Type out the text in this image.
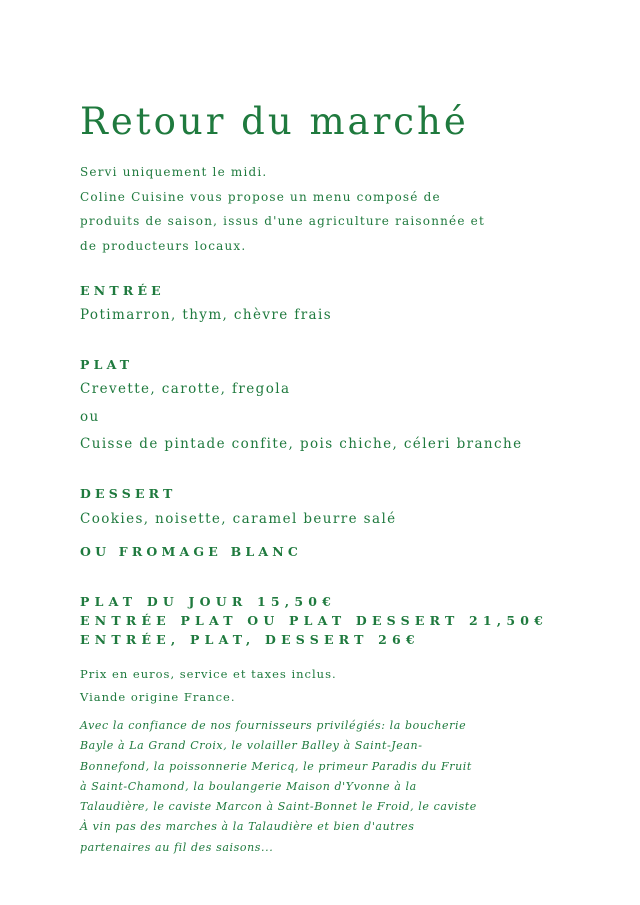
Retour du marché
Servi uniquement le midi.
Coline Cuisine vous propose un menu composé de
produits de saison, issus d'une agriculture raisonnée et
de producteurs locaux.
ENTRÉE
Potimarron, thym, chèvre frais
PLAT
Crevette, carotte, fregola
ou
Cuisse de pintade confite, pois chiche, céleri branche
DESSERT
Cookies, noisette, caramel beurre salé
OU FROMAGE BLANC
PLAT DU JOUR 15,50€
ENTRÉE PLAT OU PLAT DESSERT 21,50€
ENTRÉE, PLAT, DESSERT 26€
Prix en euros, service et taxes inclus.
Viande origine France.
Avec la confiance de nos fournisseurs privilégiés: la boucherie
Bayle à La Grand Croix, le volailler Balley à Saint-Jean-
Bonnefond, la poissonnerie Mericq, le primeur Paradis du Fruit
à Saint-Chamond, la boulangerie Maison d'Yvonne à la
Talaudière, le caviste Marcon à Saint-Bonnet le Froid, le caviste
À vin pas des marches à la Talaudière et bien d'autres
partenaires au fil des saisons...
